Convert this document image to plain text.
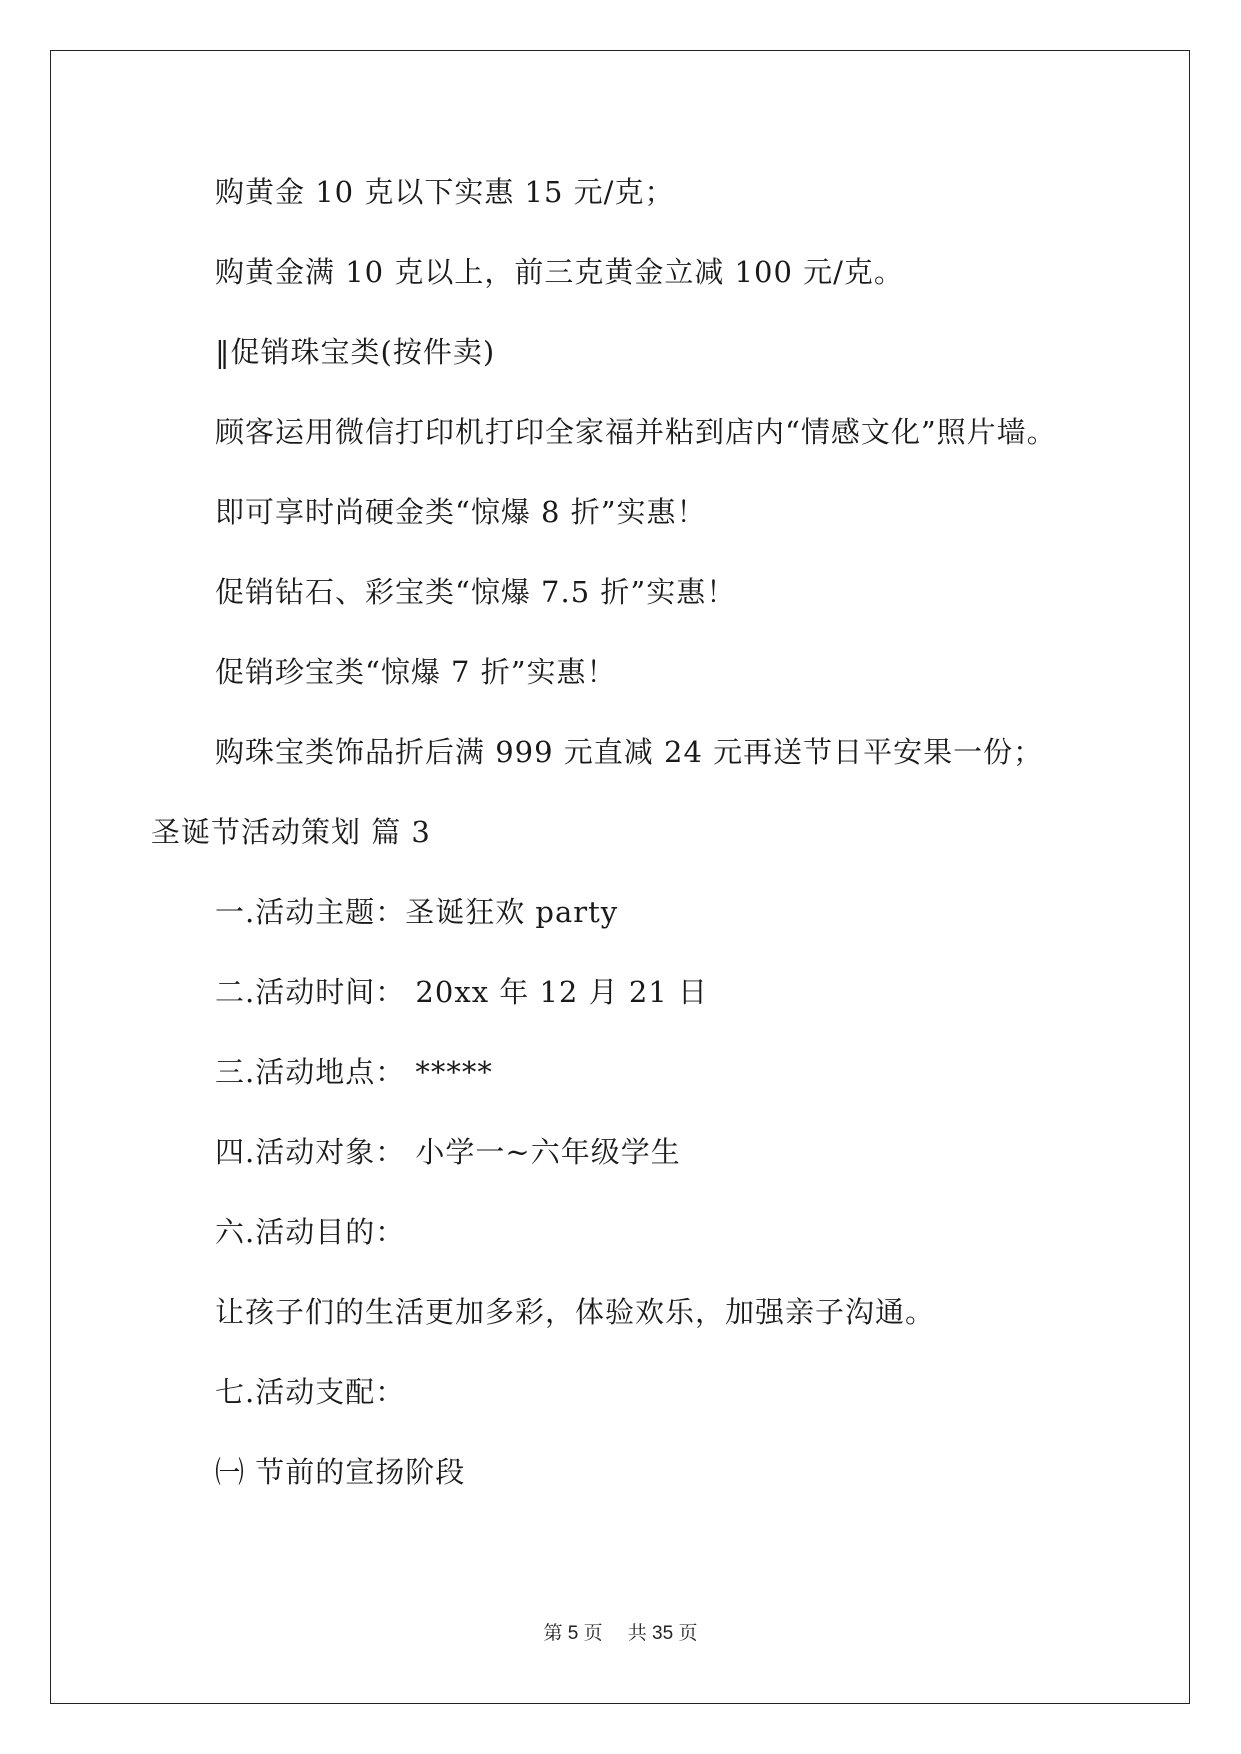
购黄金 10 克以下实惠 15 元/克；
购黄金满 10 克以上，前三克黄金立减 100 元/克。
‖促销珠宝类(按件卖)
顾客运用微信打印机打印全家福并粘到店内“情感文化”照片墙。
即可享时尚硬金类“惊爆 8 折”实惠！
促销钻石、彩宝类“惊爆 7.5 折”实惠！
促销珍宝类“惊爆 7 折”实惠！
购珠宝类饰品折后满 999 元直减 24 元再送节日平安果一份；
圣诞节活动策划 篇 3
一.活动主题：圣诞狂欢 party
二.活动时间： 20xx 年 12 月 21 日
三.活动地点： *****
四.活动对象： 小学一~六年级学生
六.活动目的：
让孩子们的生活更加多彩，体验欢乐，加强亲子沟通。
七.活动支配：
㈠ 节前的宣扬阶段
第 5 页 共 35 页
